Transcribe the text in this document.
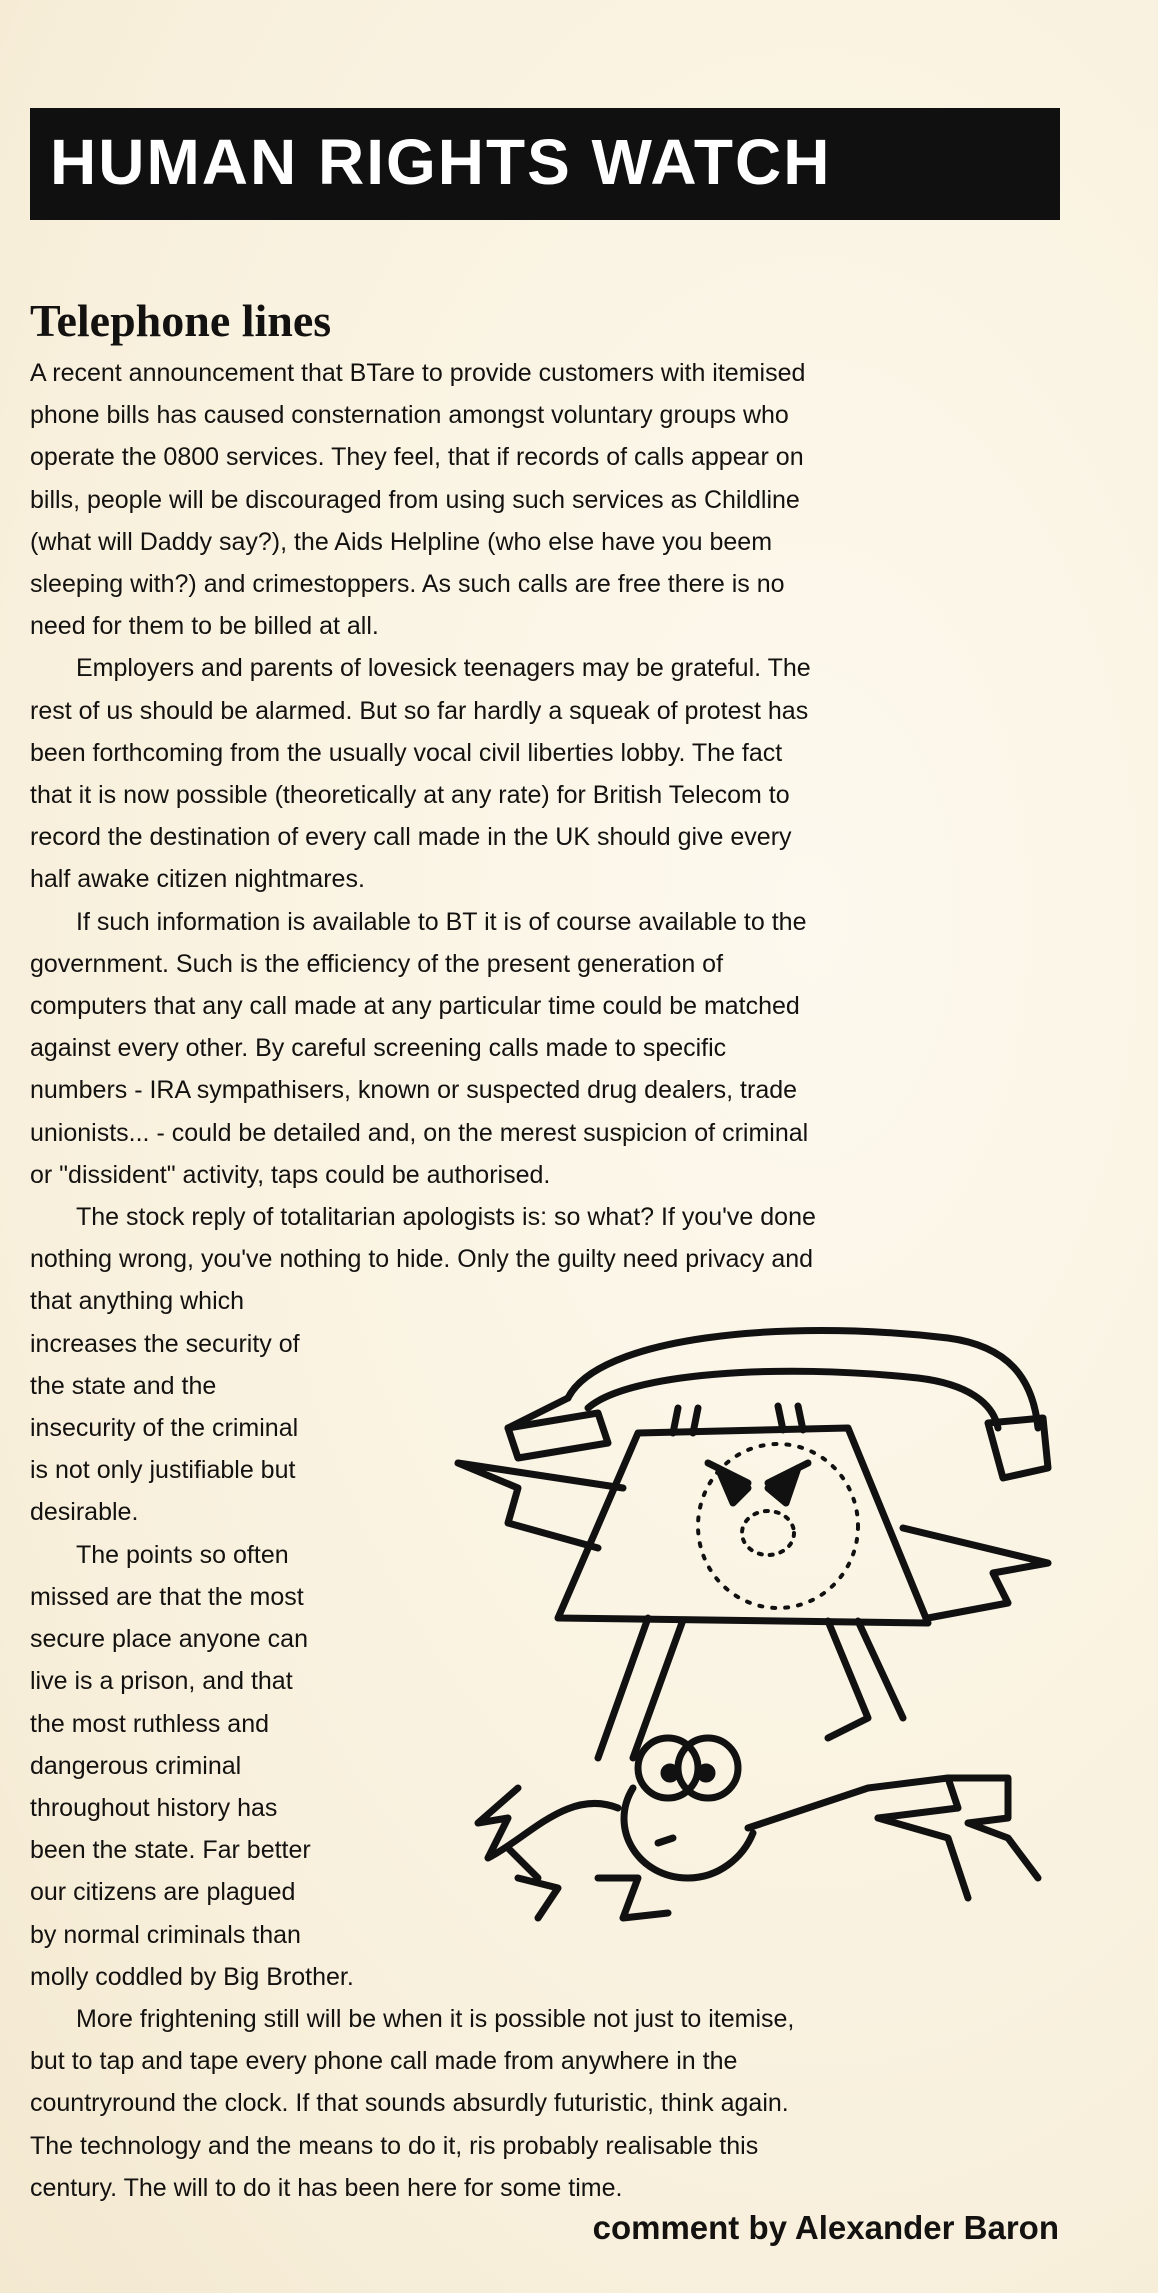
HUMAN RIGHTS WATCH
Telephone lines
A recent announcement that BTare to provide customers with itemised
phone bills has caused consternation amongst voluntary groups who
operate the 0800 services. They feel, that if records of calls appear on
bills, people will be discouraged from using such services as Childline
(what will Daddy say?), the Aids Helpline (who else have you beem
sleeping with?) and crimestoppers. As such calls are free there is no
need for them to be billed at all.
Employers and parents of lovesick teenagers may be grateful. The
rest of us should be alarmed. But so far hardly a squeak of protest has
been forthcoming from the usually vocal civil liberties lobby. The fact
that it is now possible (theoretically at any rate) for British Telecom to
record the destination of every call made in the UK should give every
half awake citizen nightmares.
If such information is available to BT it is of course available to the
government. Such is the efficiency of the present generation of
computers that any call made at any particular time could be matched
against every other. By careful screening calls made to specific
numbers - IRA sympathisers, known or suspected drug dealers, trade
unionists... - could be detailed and, on the merest suspicion of criminal
or "dissident" activity, taps could be authorised.
The stock reply of totalitarian apologists is: so what? If you've done
nothing wrong, you've nothing to hide. Only the guilty need privacy and
that anything which
increases the security of
the state and the
insecurity of the criminal
is not only justifiable but
desirable.
The points so often
missed are that the most
secure place anyone can
live is a prison, and that
the most ruthless and
dangerous criminal
throughout history has
been the state. Far better
our citizens are plagued
by normal criminals than
molly coddled by Big Brother.
More frightening still will be when it is possible not just to itemise,
but to tap and tape every phone call made from anywhere in the
countryround the clock. If that sounds absurdly futuristic, think again.
The technology and the means to do it, ris probably realisable this
century. The will to do it has been here for some time.
comment by Alexander Baron
